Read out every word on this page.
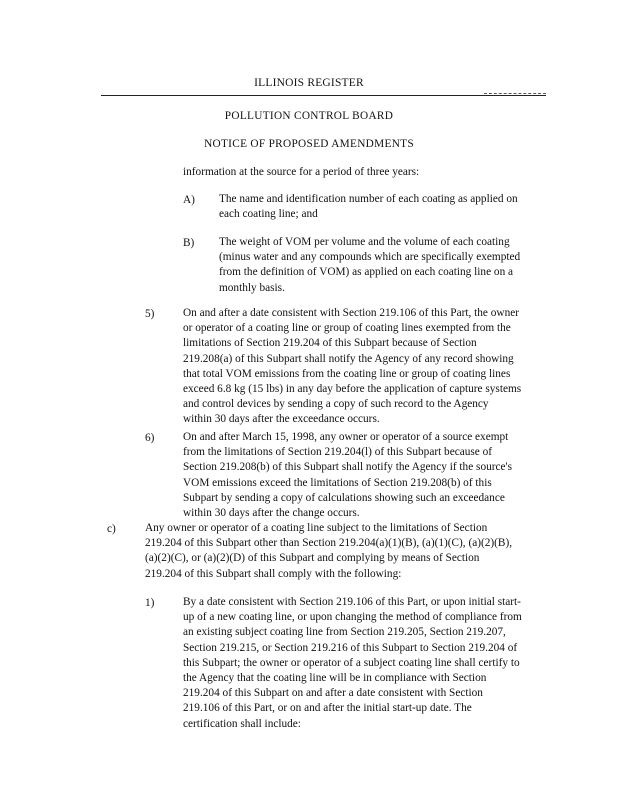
ILLINOIS REGISTER
POLLUTION CONTROL BOARD
NOTICE OF PROPOSED AMENDMENTS
information at the source for a period of three years:
A) The name and identification number of each coating as applied on
each coating line; and
B) The weight of VOM per volume and the volume of each coating
(minus water and any compounds which are specifically exempted
from the definition of VOM) as applied on each coating line on a
monthly basis.
5)	On and after a date consistent with Section 219.106 of this Part, the owner
or operator of a coating line or group of coating lines exempted from the
limitations of Section 219.204 of this Subpart because of Section
219.208(a) of this Subpart shall notify the Agency of any record showing
that total VOM emissions from the coating line or group of coating lines
exceed 6.8 kg (15 lbs) in any day before the application of capture systems
and control devices by sending a copy of such record to the Agency
within 30 days after the exceedance occurs.
6)	On and after March 15, 1998, any owner or operator of a source exempt
from the limitations of Section 219.204(l) of this Subpart because of
Section 219.208(b) of this Subpart shall notify the Agency if the source's
VOM emissions exceed the limitations of Section 219.208(b) of this
Subpart by sending a copy of calculations showing such an exceedance
within 30 days after the change occurs.
c)	Any owner or operator of a coating line subject to the limitations of Section
219.204 of this Subpart other than Section 219.204(a)(1)(B), (a)(1)(C), (a)(2)(B),
(a)(2)(C), or (a)(2)(D) of this Subpart and complying by means of Section
219.204 of this Subpart shall comply with the following:
1)	By a date consistent with Section 219.106 of this Part, or upon initial start-
up of a new coating line, or upon changing the method of compliance from
an existing subject coating line from Section 219.205, Section 219.207,
Section 219.215, or Section 219.216 of this Subpart to Section 219.204 of
this Subpart; the owner or operator of a subject coating line shall certify to
the Agency that the coating line will be in compliance with Section
219.204 of this Subpart on and after a date consistent with Section
219.106 of this Part, or on and after the initial start-up date. The
certification shall include:
